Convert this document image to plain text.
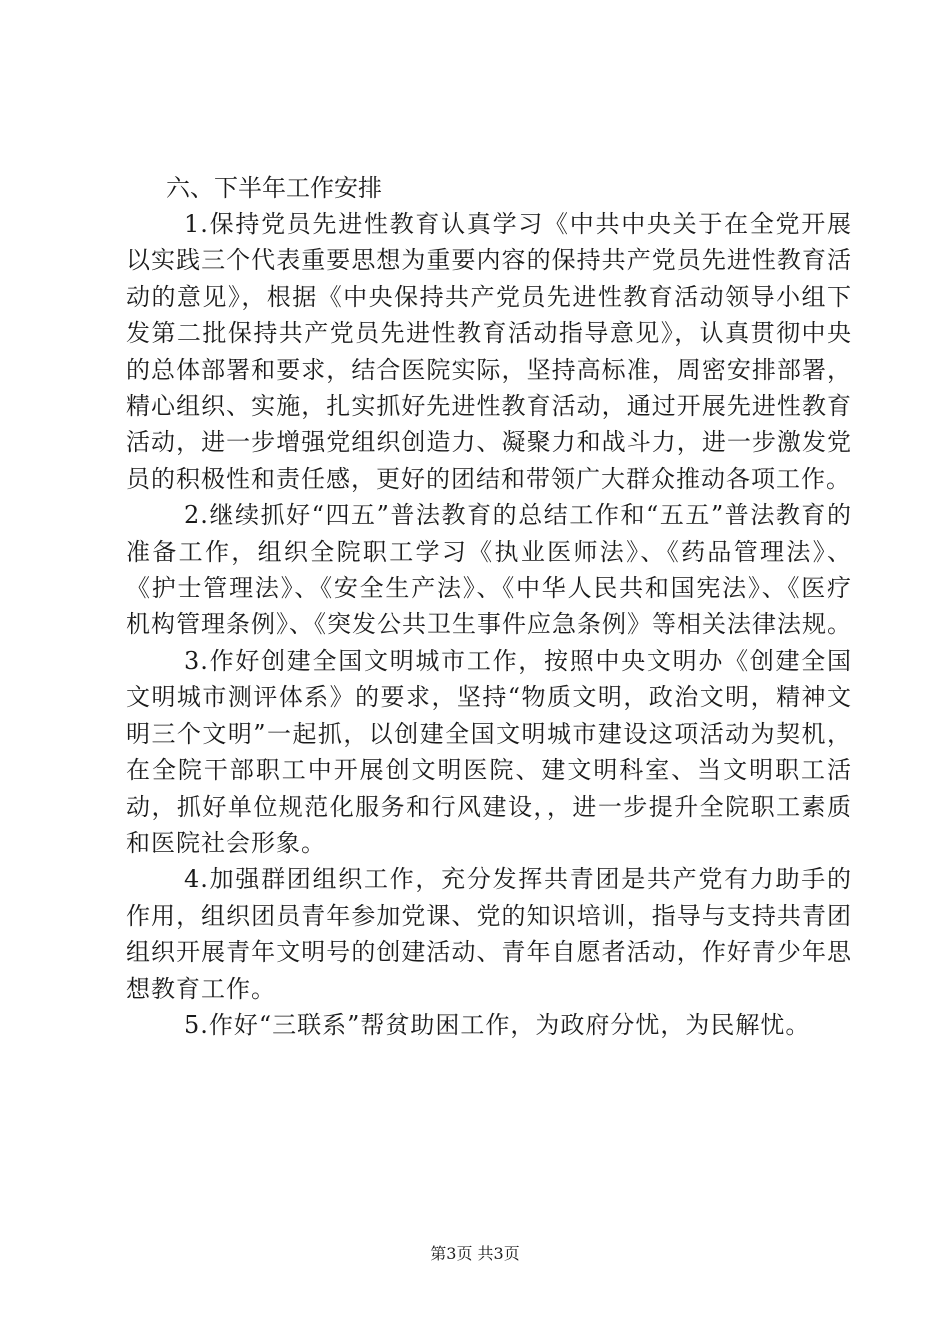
六、下半年工作安排

1.保持党员先进性教育认真学习《中共中央关于在全党开展以实践三个代表重要思想为重要内容的保持共产党员先进性教育活动的意见》，根据《中央保持共产党员先进性教育活动领导小组下发第二批保持共产党员先进性教育活动指导意见》，认真贯彻中央的总体部署和要求，结合医院实际，坚持高标准，周密安排部署，精心组织、实施，扎实抓好先进性教育活动，通过开展先进性教育活动，进一步增强党组织创造力、凝聚力和战斗力，进一步激发党员的积极性和责任感，更好的团结和带领广大群众推动各项工作。

2.继续抓好“四五”普法教育的总结工作和“五五”普法教育的准备工作，组织全院职工学习《执业医师法》、《药品管理法》、《护士管理法》、《安全生产法》、《中华人民共和国宪法》、《医疗机构管理条例》、《突发公共卫生事件应急条例》等相关法律法规。

3.作好创建全国文明城市工作，按照中央文明办《创建全国文明城市测评体系》的要求，坚持“物质文明，政治文明，精神文明三个文明”一起抓，以创建全国文明城市建设这项活动为契机，在全院干部职工中开展创文明医院、建文明科室、当文明职工活动，抓好单位规范化服务和行风建设，，进一步提升全院职工素质和医院社会形象。

4.加强群团组织工作，充分发挥共青团是共产党有力助手的作用，组织团员青年参加党课、党的知识培训，指导与支持共青团组织开展青年文明号的创建活动、青年自愿者活动，作好青少年思想教育工作。

5.作好“三联系”帮贫助困工作，为政府分忧，为民解忧。

第3页 共3页
